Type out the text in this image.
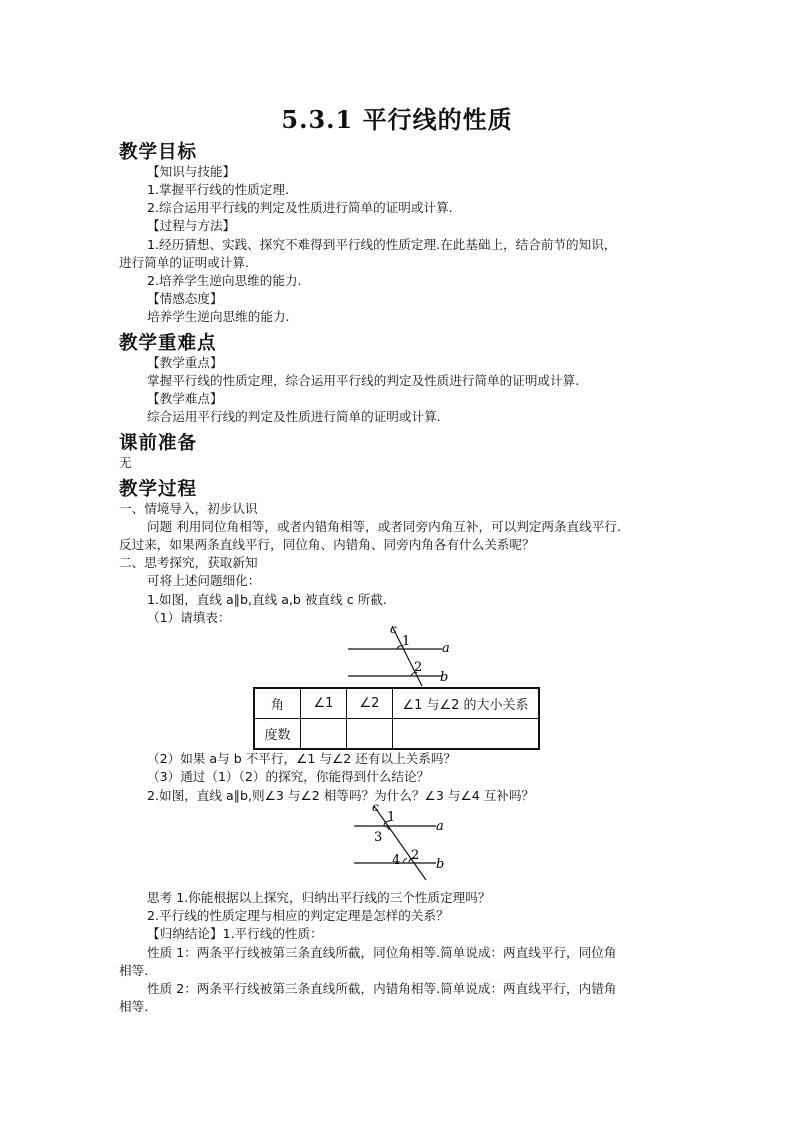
5.3.1 平行线的性质
教学目标
【知识与技能】
1.掌握平行线的性质定理.
2.综合运用平行线的判定及性质进行简单的证明或计算.
【过程与方法】
1.经历猜想、实践、探究不难得到平行线的性质定理.在此基础上，结合前节的知识，
进行简单的证明或计算.
2.培养学生逆向思维的能力.
【情感态度】
培养学生逆向思维的能力.
教学重难点
【教学重点】
掌握平行线的性质定理，综合运用平行线的判定及性质进行简单的证明或计算.
【教学难点】
综合运用平行线的判定及性质进行简单的证明或计算.
课前准备
无
教学过程
一、情境导入，初步认识
问题 利用同位角相等，或者内错角相等，或者同旁内角互补，可以判定两条直线平行.
反过来，如果两条直线平行，同位角、内错角、同旁内角各有什么关系呢？
二、思考探究，获取新知
可将上述问题细化：
1.如图，直线 a∥b,直线 a,b 被直线 c 所截.
（1）请填表：
c
1 a
2
b
角	∠1	∠2	∠1 与∠2 的大小关系
度数			
（2）如果 a与 b 不平行，∠1 与∠2 还有以上关系吗？
（3）通过（1）（2）的探究，你能得到什么结论？
2.如图，直线 a∥b,则∠3 与∠2 相等吗？为什么？∠3 与∠4 互补吗？
c
1
a
3
4 2
b
思考 1.你能根据以上探究，归纳出平行线的三个性质定理吗？
2.平行线的性质定理与相应的判定定理是怎样的关系？
【归纳结论】1.平行线的性质：
性质 1：两条平行线被第三条直线所截，同位角相等.简单说成：两直线平行，同位角
相等.
性质 2：两条平行线被第三条直线所截，内错角相等.简单说成：两直线平行，内错角
相等.
